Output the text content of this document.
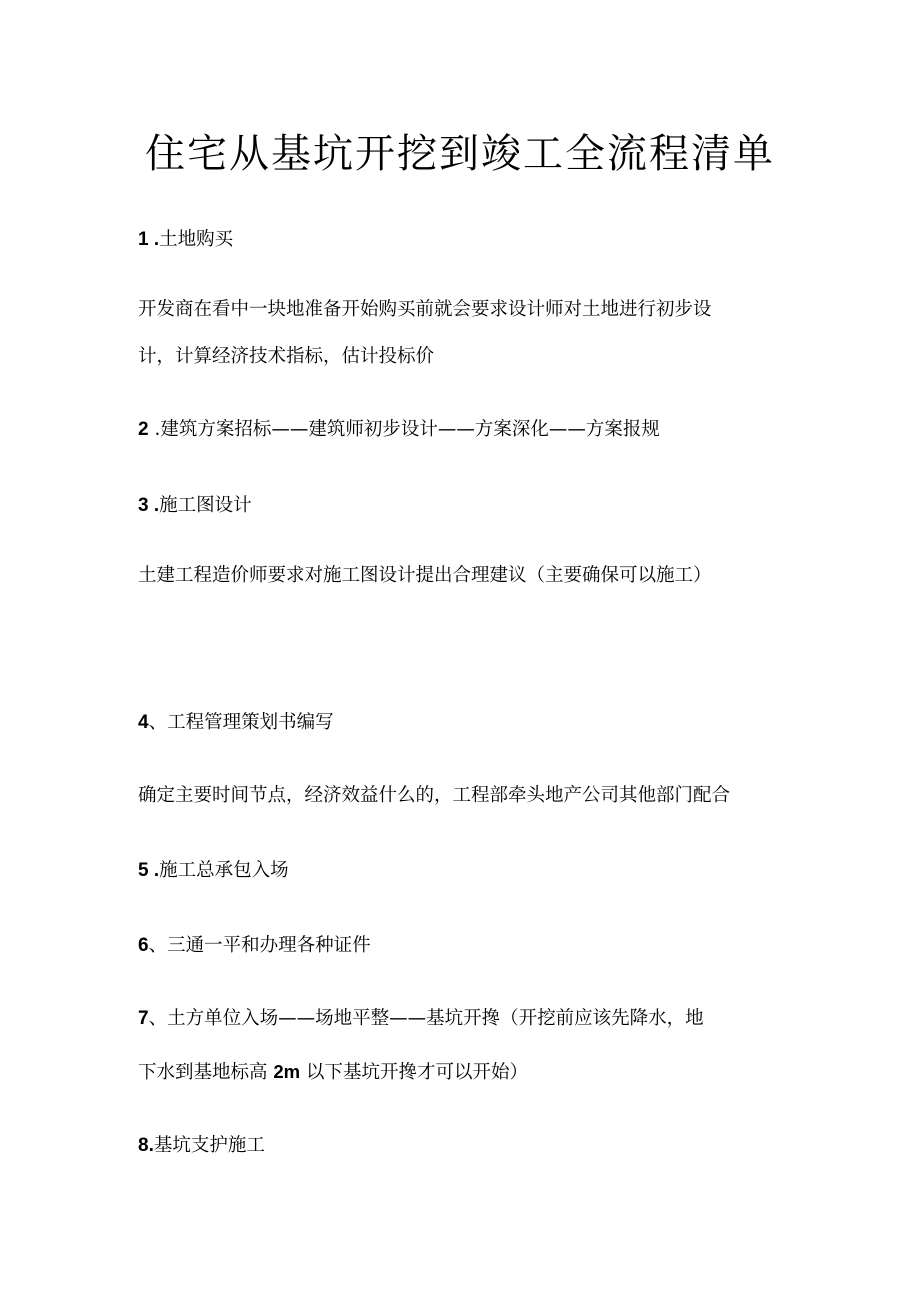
住宅从基坑开挖到竣工全流程清单
1 .土地购买
开发商在看中一块地准备开始购买前就会要求设计师对土地进行初步设
计，计算经济技术指标，估计投标价
2 .建筑方案招标——建筑师初步设计——方案深化——方案报规
3 .施工图设计
土建工程造价师要求对施工图设计提出合理建议（主要确保可以施工）
4、工程管理策划书编写
确定主要时间节点，经济效益什么的，工程部牵头地产公司其他部门配合
5 .施工总承包入场
6、三通一平和办理各种证件
7、土方单位入场——场地平整——基坑开搀（开挖前应该先降水，地
下水到基地标高 2m 以下基坑开搀才可以开始）
8.基坑支护施工
